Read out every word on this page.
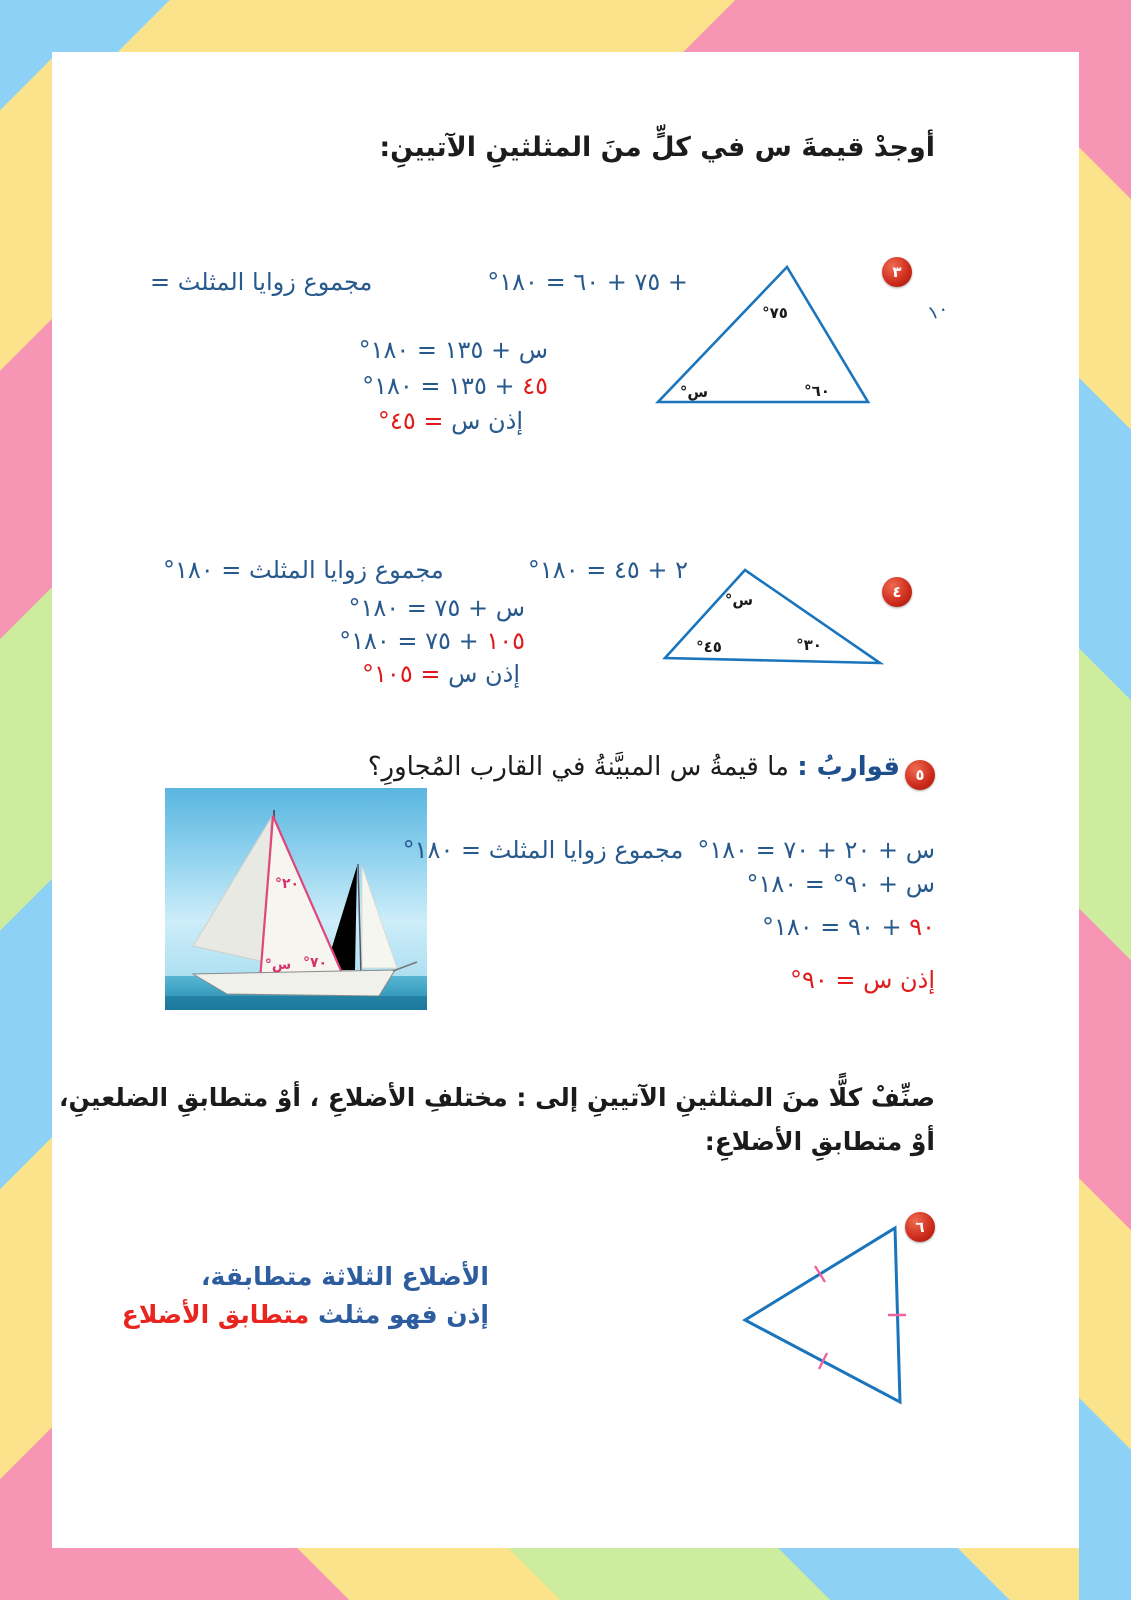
أوجدْ قيمةَ س في كلٍّ منَ المثلثينِ الآتيينِ:
٣
١٠
٧٥°
س°	٦٠°
+ ٧٥ + ٦٠ = ١٨٠°
مجموع زوايا المثلث =
س + ١٣٥ = ١٨٠°
٤٥ + ١٣٥ = ١٨٠°
إذن س = ٤٥°
٤
س°
٤٥°	٣٠°
٢ + ٤٥ = ١٨٠°
مجموع زوايا المثلث = ١٨٠°
س + ٧٥ = ١٨٠°
١٠٥ + ٧٥ = ١٨٠°
إذن س = ١٠٥°
٥
قواربُ : ما قيمةُ س المبيَّنةُ في القارب المُجاورِ؟
٢٠°
س° ٧٠°
س + ٢٠ + ٧٠ = ١٨٠°
مجموع زوايا المثلث = ١٨٠°
س + ٩٠° = ١٨٠°
٩٠ + ٩٠ = ١٨٠°
إذن س = ٩٠°
صنِّفْ كلًّا منَ المثلثينِ الآتيينِ إلى : مختلفِ الأضلاعِ ، أوْ متطابقِ الضلعينِ،
أوْ متطابقِ الأضلاعِ:
٦
الأضلاع الثلاثة متطابقة،
إذن فهو مثلث متطابق الأضلاع
